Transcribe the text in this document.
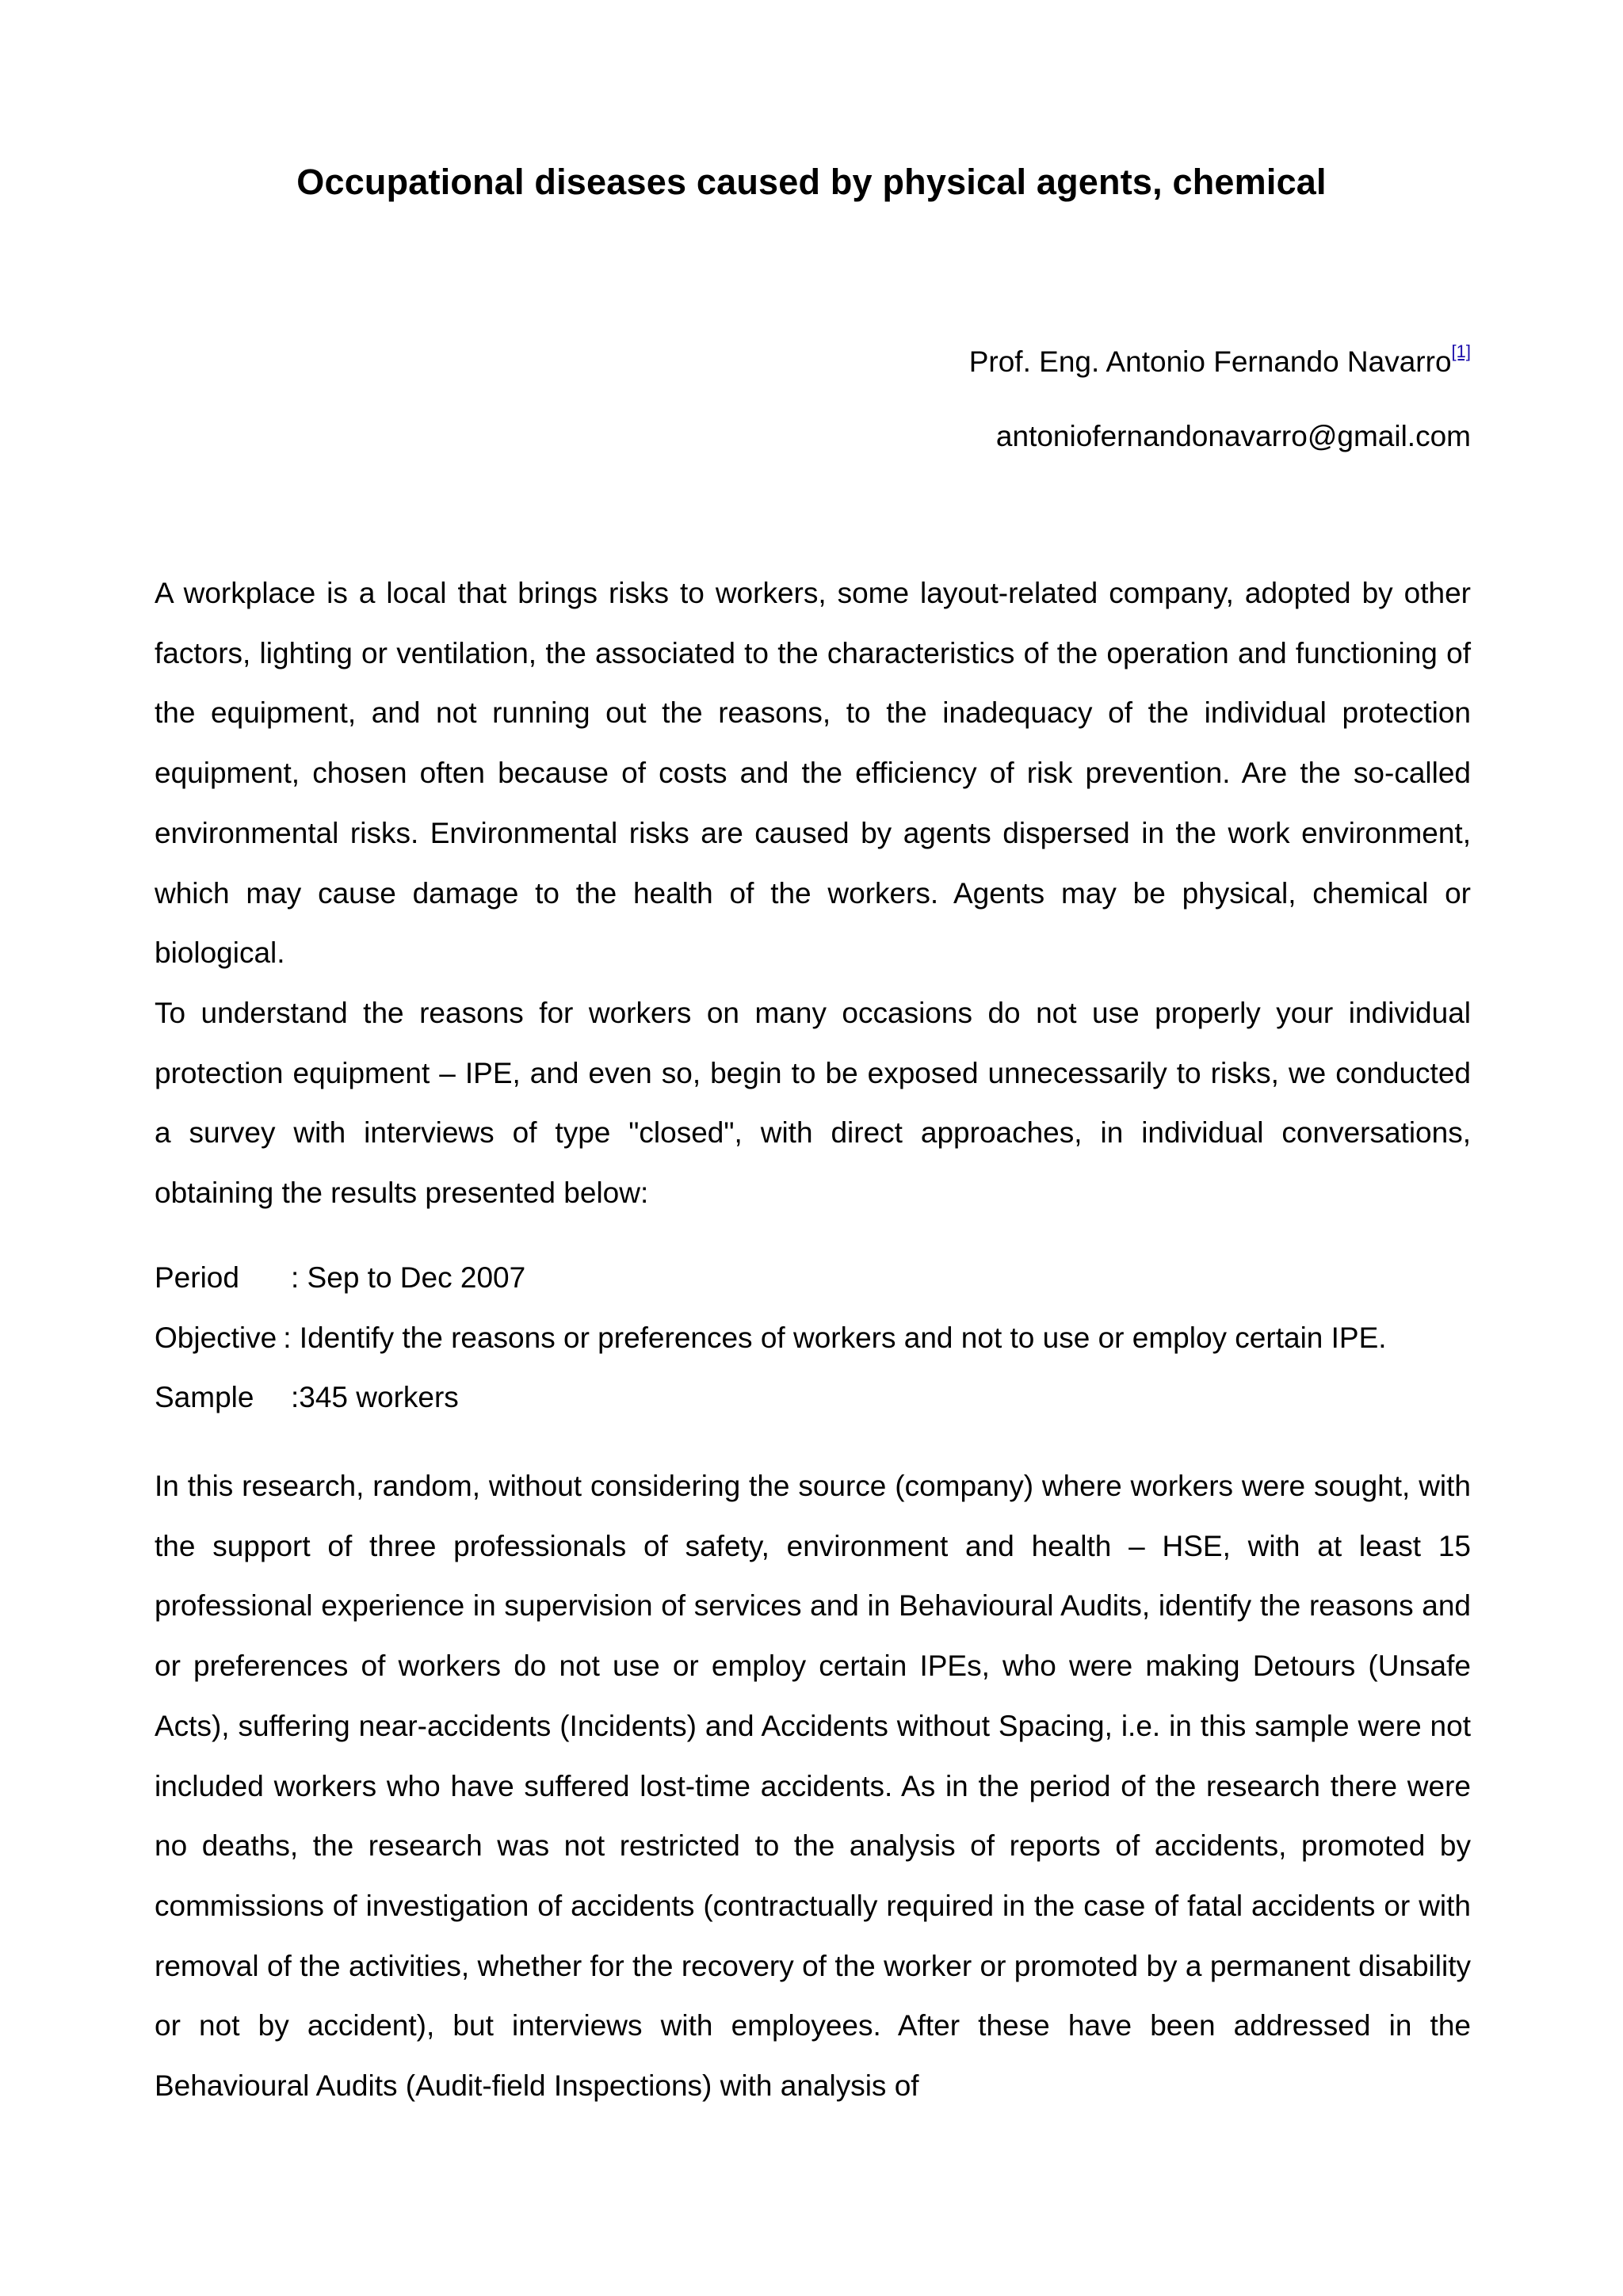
Occupational diseases caused by physical agents, chemical
Prof. Eng. Antonio Fernando Navarro[1]
antoniofernandonavarro@gmail.com

A workplace is a local that brings risks to workers, some layout-related company, adopted by other factors, lighting or ventilation, the associated to the characteristics of the operation and functioning of the equipment, and not running out the reasons, to the inadequacy of the individual protection equipment, chosen often because of costs and the efficiency of risk prevention. Are the so-called environmental risks. Environmental risks are caused by agents dispersed in the work environment, which may cause damage to the health of the workers. Agents may be physical, chemical or biological.

To understand the reasons for workers on many occasions do not use properly your individual protection equipment – IPE, and even so, begin to be exposed unnecessarily to risks, we conducted a survey with interviews of type "closed", with direct approaches, in individual conversations, obtaining the results presented below:

Period	: Sep to Dec 2007
Objective : Identify the reasons or preferences of workers and not to use or employ certain IPE.
Sample	:345 workers

In this research, random, without considering the source (company) where workers were sought, with the support of three professionals of safety, environment and health – HSE, with at least 15 professional experience in supervision of services and in Behavioural Audits, identify the reasons and or preferences of workers do not use or employ certain IPEs, who were making Detours (Unsafe Acts), suffering near-accidents (Incidents) and Accidents without Spacing, i.e. in this sample were not included workers who have suffered lost-time accidents. As in the period of the research there were no deaths, the research was not restricted to the analysis of reports of accidents, promoted by commissions of investigation of accidents (contractually required in the case of fatal accidents or with removal of the activities, whether for the recovery of the worker or promoted by a permanent disability or not by accident), but interviews with employees. After these have been addressed in the Behavioural Audits (Audit-field Inspections) with analysis of
